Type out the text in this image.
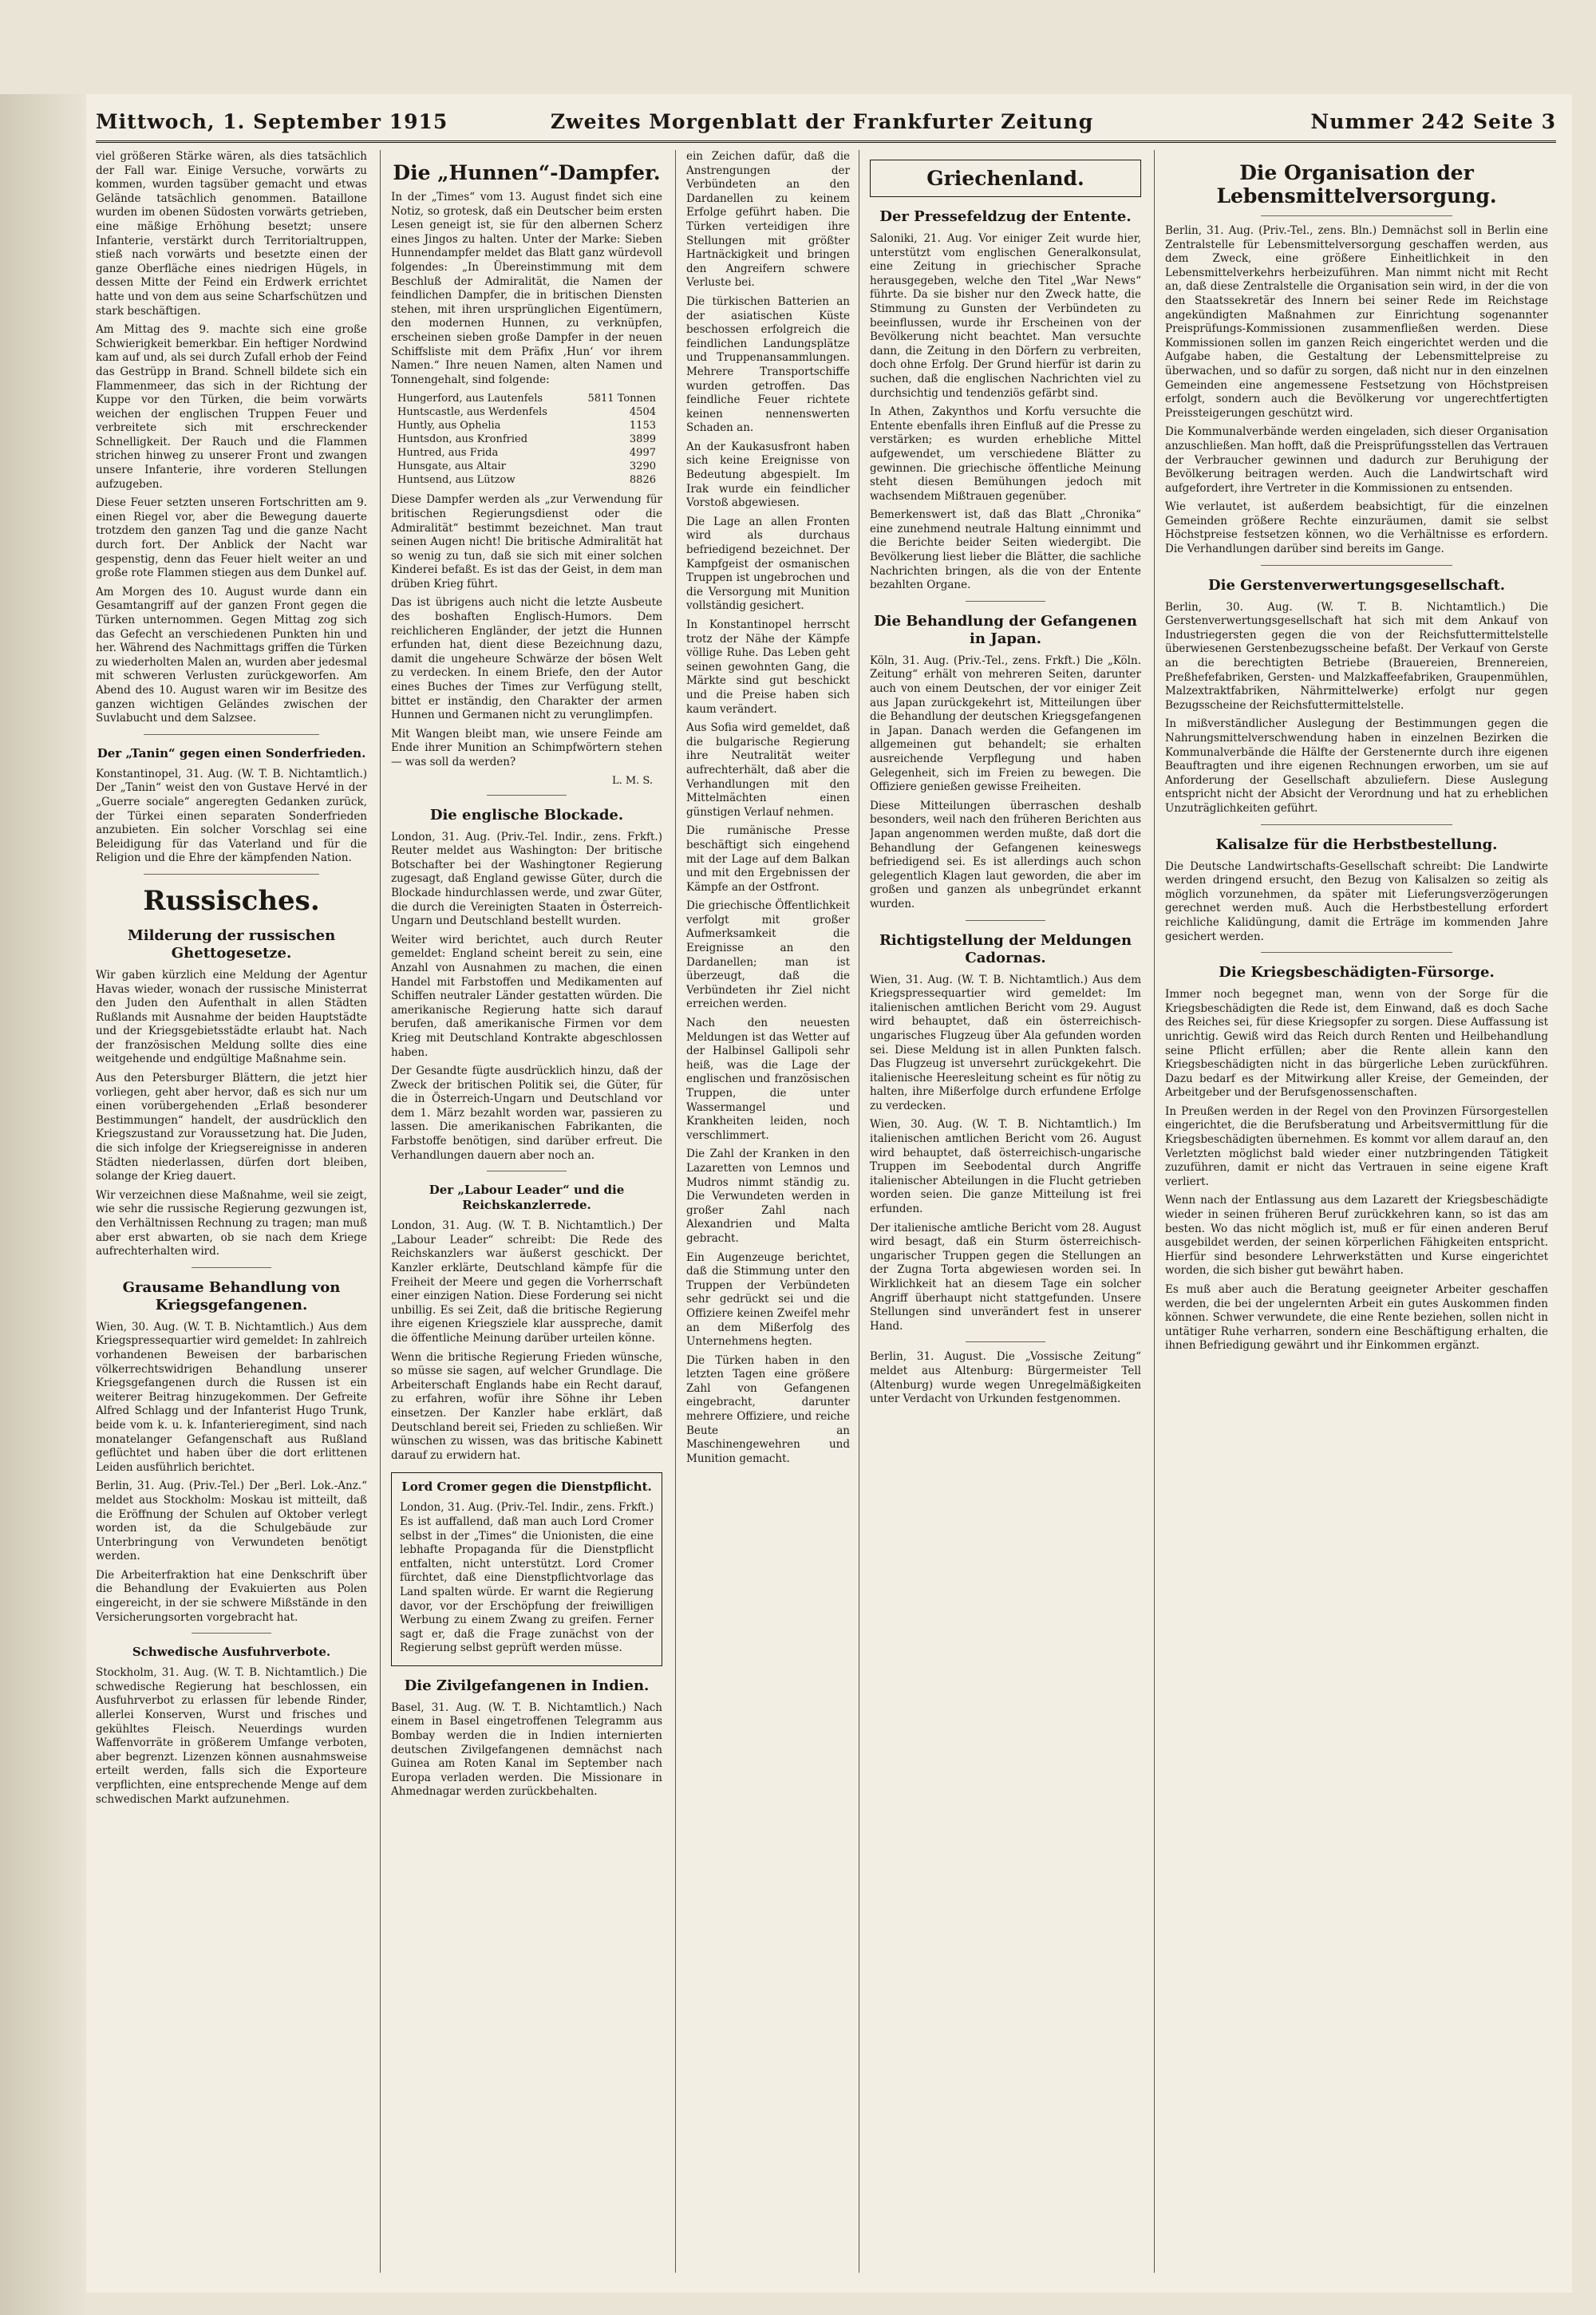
Mittwoch, 1. September 1915	Zweites Morgenblatt der Frankfurter Zeitung	Nummer 242 Seite 3

viel größeren Stärke wären, als dies tatsächlich der Fall war. Einige Versuche, vorwärts zu kommen, wurden tagsüber gemacht und etwas Gelände tatsächlich genommen. Bataillone wurden im obenen Südosten vorwärts getrieben, eine mäßige Erhöhung besetzt; unsere Infanterie, verstärkt durch Territorialtruppen, stieß nach vorwärts und besetzte einen der ganze Oberfläche eines niedrigen Hügels, in dessen Mitte der Feind ein Erdwerk errichtet hatte und von dem aus seine Scharfschützen und stark beschäftigen.

Am Mittag des 9. machte sich eine große Schwierigkeit bemerkbar. Ein heftiger Nordwind kam auf und, als sei durch Zufall erhob der Feind das Gestrüpp in Brand. Schnell bildete sich ein Flammenmeer, das sich in der Richtung der Kuppe vor den Türken, die beim vorwärts weichen der englischen Truppen Feuer und verbreitete sich mit erschreckender Schnelligkeit. Der Rauch und die Flammen strichen hinweg zu unserer Front und zwangen unsere Infanterie, ihre vorderen Stellungen aufzugeben.

Diese Feuer setzten unseren Fortschritten am 9. einen Riegel vor, aber die Bewegung dauerte trotzdem den ganzen Tag und die ganze Nacht durch fort. Der Anblick der Nacht war gespenstig, denn das Feuer hielt weiter an und große rote Flammen stiegen aus dem Dunkel auf.

Am Morgen des 10. August wurde dann ein Gesamtangriff auf der ganzen Front gegen die Türken unternommen. Gegen Mittag zog sich das Gefecht an verschiedenen Punkten hin und her. Während des Nachmittags griffen die Türken zu wiederholten Malen an, wurden aber jedesmal mit schweren Verlusten zurückgeworfen. Am Abend des 10. August waren wir im Besitze des ganzen wichtigen Geländes zwischen der Suvlabucht und dem Salzsee.

Der „Tanin“ gegen einen Sonderfrieden.

Konstantinopel, 31. Aug. (W. T. B. Nichtamtlich.) Der „Tanin“ weist den von Gustave Hervé in der „Guerre sociale“ angeregten Gedanken zurück, der Türkei einen separaten Sonderfrieden anzubieten. Ein solcher Vorschlag sei eine Beleidigung für das Vaterland und für die Religion und die Ehre der kämpfenden Nation.

Russisches.
Milderung der russischen Ghettogesetze.

Wir gaben kürzlich eine Meldung der Agentur Havas wieder, wonach der russische Ministerrat den Juden den Aufenthalt in allen Städten Rußlands mit Ausnahme der beiden Hauptstädte und der Kriegsgebietsstädte erlaubt hat. Nach der französischen Meldung sollte dies eine weitgehende und endgültige Maßnahme sein.

Aus den Petersburger Blättern, die jetzt hier vorliegen, geht aber hervor, daß es sich nur um einen vorübergehenden „Erlaß besonderer Bestimmungen“ handelt, der ausdrücklich den Kriegszustand zur Voraussetzung hat. Die Juden, die sich infolge der Kriegsereignisse in anderen Städten niederlassen, dürfen dort bleiben, solange der Krieg dauert.

Wir verzeichnen diese Maßnahme, weil sie zeigt, wie sehr die russische Regierung gezwungen ist, den Verhältnissen Rechnung zu tragen; man muß aber erst abwarten, ob sie nach dem Kriege aufrechterhalten wird.

Grausame Behandlung von Kriegsgefangenen.

Wien, 30. Aug. (W. T. B. Nichtamtlich.) Aus dem Kriegspressequartier wird gemeldet: In zahlreich vorhandenen Beweisen der barbarischen völkerrechtswidrigen Behandlung unserer Kriegsgefangenen durch die Russen ist ein weiterer Beitrag hinzugekommen. Der Gefreite Alfred Schlagg und der Infanterist Hugo Trunk, beide vom k. u. k. Infanterieregiment, sind nach monatelanger Gefangenschaft aus Rußland geflüchtet und haben über die dort erlittenen Leiden ausführlich berichtet.

Berlin, 31. Aug. (Priv.-Tel.) Der „Berl. Lok.-Anz.“ meldet aus Stockholm: Moskau ist mitteilt, daß die Eröffnung der Schulen auf Oktober verlegt worden ist, da die Schulgebäude zur Unterbringung von Verwundeten benötigt werden.

Die Arbeiterfraktion hat eine Denkschrift über die Behandlung der Evakuierten aus Polen eingereicht, in der sie schwere Mißstände in den Versicherungsorten vorgebracht hat.

Schwedische Ausfuhrverbote.

Stockholm, 31. Aug. (W. T. B. Nichtamtlich.) Die schwedische Regierung hat beschlossen, ein Ausfuhrverbot zu erlassen für lebende Rinder, allerlei Konserven, Wurst und frisches und gekühltes Fleisch. Neuerdings wurden Waffenvorräte in größerem Umfange verboten, aber begrenzt. Lizenzen können ausnahmsweise erteilt werden, falls sich die Exporteure verpflichten, eine entsprechende Menge auf dem schwedischen Markt aufzunehmen.

Die „Hunnen“-Dampfer.

In der „Times“ vom 13. August findet sich eine Notiz, so grotesk, daß ein Deutscher beim ersten Lesen geneigt ist, sie für den albernen Scherz eines Jingos zu halten. Unter der Marke: Sieben Hunnendampfer meldet das Blatt ganz würdevoll folgendes: „In Übereinstimmung mit dem Beschluß der Admiralität, die Namen der feindlichen Dampfer, die in britischen Diensten stehen, mit ihren ursprünglichen Eigentümern, den modernen Hunnen, zu verknüpfen, erscheinen sieben große Dampfer in der neuen Schiffsliste mit dem Präfix ‚Hun‘ vor ihrem Namen.“ Ihre neuen Namen, alten Namen und Tonnengehalt, sind folgende:

Hungerford, aus Lautenfels	5811 Tonnen
Huntscastle, aus Werdenfels	4504
Huntly, aus Ophelia	1153
Huntsdon, aus Kronfried	3899
Huntred, aus Frida	4997
Hunsgate, aus Altair	3290
Huntsend, aus Lützow	8826

Diese Dampfer werden als „zur Verwendung für britischen Regierungsdienst oder die Admiralität“ bestimmt bezeichnet. Man traut seinen Augen nicht! Die britische Admiralität hat so wenig zu tun, daß sie sich mit einer solchen Kinderei befaßt. Es ist das der Geist, in dem man drüben Krieg führt.

Das ist übrigens auch nicht die letzte Ausbeute des boshaften Englisch-Humors. Dem reichlicheren Engländer, der jetzt die Hunnen erfunden hat, dient diese Bezeichnung dazu, damit die ungeheure Schwärze der bösen Welt zu verdecken. In einem Briefe, den der Autor eines Buches der Times zur Verfügung stellt, bittet er inständig, den Charakter der armen Hunnen und Germanen nicht zu verunglimpfen.

Mit Wangen bleibt man, wie unsere Feinde am Ende ihrer Munition an Schimpfwörtern stehen — was soll da werden?

L. M. S.
Die englische Blockade.

London, 31. Aug. (Priv.-Tel. Indir., zens. Frkft.) Reuter meldet aus Washington: Der britische Botschafter bei der Washingtoner Regierung zugesagt, daß England gewisse Güter, durch die Blockade hindurchlassen werde, und zwar Güter, die durch die Vereinigten Staaten in Österreich-Ungarn und Deutschland bestellt wurden.

Weiter wird berichtet, auch durch Reuter gemeldet: England scheint bereit zu sein, eine Anzahl von Ausnahmen zu machen, die einen Handel mit Farbstoffen und Medikamenten auf Schiffen neutraler Länder gestatten würden. Die amerikanische Regierung hatte sich darauf berufen, daß amerikanische Firmen vor dem Krieg mit Deutschland Kontrakte abgeschlossen haben.

Der Gesandte fügte ausdrücklich hinzu, daß der Zweck der britischen Politik sei, die Güter, für die in Österreich-Ungarn und Deutschland vor dem 1. März bezahlt worden war, passieren zu lassen. Die amerikanischen Fabrikanten, die Farbstoffe benötigen, sind darüber erfreut. Die Verhandlungen dauern aber noch an.

Der „Labour Leader“ und die Reichskanzlerrede.

London, 31. Aug. (W. T. B. Nichtamtlich.) Der „Labour Leader“ schreibt: Die Rede des Reichskanzlers war äußerst geschickt. Der Kanzler erklärte, Deutschland kämpfe für die Freiheit der Meere und gegen die Vorherrschaft einer einzigen Nation. Diese Forderung sei nicht unbillig. Es sei Zeit, daß die britische Regierung ihre eigenen Kriegsziele klar ausspreche, damit die öffentliche Meinung darüber urteilen könne.

Wenn die britische Regierung Frieden wünsche, so müsse sie sagen, auf welcher Grundlage. Die Arbeiterschaft Englands habe ein Recht darauf, zu erfahren, wofür ihre Söhne ihr Leben einsetzen. Der Kanzler habe erklärt, daß Deutschland bereit sei, Frieden zu schließen. Wir wünschen zu wissen, was das britische Kabinett darauf zu erwidern hat.

Lord Cromer gegen die Dienstpflicht.

London, 31. Aug. (Priv.-Tel. Indir., zens. Frkft.) Es ist auffallend, daß man auch Lord Cromer selbst in der „Times“ die Unionisten, die eine lebhafte Propaganda für die Dienstpflicht entfalten, nicht unterstützt. Lord Cromer fürchtet, daß eine Dienstpflichtvorlage das Land spalten würde. Er warnt die Regierung davor, vor der Erschöpfung der freiwilligen Werbung zu einem Zwang zu greifen. Ferner sagt er, daß die Frage zunächst von der Regierung selbst geprüft werden müsse.

Die Zivilgefangenen in Indien.

Basel, 31. Aug. (W. T. B. Nichtamtlich.) Nach einem in Basel eingetroffenen Telegramm aus Bombay werden die in Indien internierten deutschen Zivilgefangenen demnächst nach Guinea am Roten Kanal im September nach Europa verladen werden. Die Missionare in Ahmednagar werden zurückbehalten.

ein Zeichen dafür, daß die Anstrengungen der Verbündeten an den Dardanellen zu keinem Erfolge geführt haben. Die Türken verteidigen ihre Stellungen mit größter Hartnäckigkeit und bringen den Angreifern schwere Verluste bei.

Die türkischen Batterien an der asiatischen Küste beschossen erfolgreich die feindlichen Landungsplätze und Truppenansammlungen. Mehrere Transportschiffe wurden getroffen. Das feindliche Feuer richtete keinen nennenswerten Schaden an.

An der Kaukasusfront haben sich keine Ereignisse von Bedeutung abgespielt. Im Irak wurde ein feindlicher Vorstoß abgewiesen.

Die Lage an allen Fronten wird als durchaus befriedigend bezeichnet. Der Kampfgeist der osmanischen Truppen ist ungebrochen und die Versorgung mit Munition vollständig gesichert.

In Konstantinopel herrscht trotz der Nähe der Kämpfe völlige Ruhe. Das Leben geht seinen gewohnten Gang, die Märkte sind gut beschickt und die Preise haben sich kaum verändert.

Aus Sofia wird gemeldet, daß die bulgarische Regierung ihre Neutralität weiter aufrechterhält, daß aber die Verhandlungen mit den Mittelmächten einen günstigen Verlauf nehmen.

Die rumänische Presse beschäftigt sich eingehend mit der Lage auf dem Balkan und mit den Ergebnissen der Kämpfe an der Ostfront.

Die griechische Öffentlichkeit verfolgt mit großer Aufmerksamkeit die Ereignisse an den Dardanellen; man ist überzeugt, daß die Verbündeten ihr Ziel nicht erreichen werden.

Nach den neuesten Meldungen ist das Wetter auf der Halbinsel Gallipoli sehr heiß, was die Lage der englischen und französischen Truppen, die unter Wassermangel und Krankheiten leiden, noch verschlimmert.

Die Zahl der Kranken in den Lazaretten von Lemnos und Mudros nimmt ständig zu. Die Verwundeten werden in großer Zahl nach Alexandrien und Malta gebracht.

Ein Augenzeuge berichtet, daß die Stimmung unter den Truppen der Verbündeten sehr gedrückt sei und die Offiziere keinen Zweifel mehr an dem Mißerfolg des Unternehmens hegten.

Die Türken haben in den letzten Tagen eine größere Zahl von Gefangenen eingebracht, darunter mehrere Offiziere, und reiche Beute an Maschinengewehren und Munition gemacht.

Griechenland.
Der Pressefeldzug der Entente.

Saloniki, 21. Aug. Vor einiger Zeit wurde hier, unterstützt vom englischen Generalkonsulat, eine Zeitung in griechischer Sprache herausgegeben, welche den Titel „War News“ führte. Da sie bisher nur den Zweck hatte, die Stimmung zu Gunsten der Verbündeten zu beeinflussen, wurde ihr Erscheinen von der Bevölkerung nicht beachtet. Man versuchte dann, die Zeitung in den Dörfern zu verbreiten, doch ohne Erfolg. Der Grund hierfür ist darin zu suchen, daß die englischen Nachrichten viel zu durchsichtig und tendenziös gefärbt sind.

In Athen, Zakynthos und Korfu versuchte die Entente ebenfalls ihren Einfluß auf die Presse zu verstärken; es wurden erhebliche Mittel aufgewendet, um verschiedene Blätter zu gewinnen. Die griechische öffentliche Meinung steht diesen Bemühungen jedoch mit wachsendem Mißtrauen gegenüber.

Bemerkenswert ist, daß das Blatt „Chronika“ eine zunehmend neutrale Haltung einnimmt und die Berichte beider Seiten wiedergibt. Die Bevölkerung liest lieber die Blätter, die sachliche Nachrichten bringen, als die von der Entente bezahlten Organe.

Die Behandlung der Gefangenen in Japan.

Köln, 31. Aug. (Priv.-Tel., zens. Frkft.) Die „Köln. Zeitung“ erhält von mehreren Seiten, darunter auch von einem Deutschen, der vor einiger Zeit aus Japan zurückgekehrt ist, Mitteilungen über die Behandlung der deutschen Kriegsgefangenen in Japan. Danach werden die Gefangenen im allgemeinen gut behandelt; sie erhalten ausreichende Verpflegung und haben Gelegenheit, sich im Freien zu bewegen. Die Offiziere genießen gewisse Freiheiten.

Diese Mitteilungen überraschen deshalb besonders, weil nach den früheren Berichten aus Japan angenommen werden mußte, daß dort die Behandlung der Gefangenen keineswegs befriedigend sei. Es ist allerdings auch schon gelegentlich Klagen laut geworden, die aber im großen und ganzen als unbegründet erkannt wurden.

Richtigstellung der Meldungen Cadornas.

Wien, 31. Aug. (W. T. B. Nichtamtlich.) Aus dem Kriegspressequartier wird gemeldet: Im italienischen amtlichen Bericht vom 29. August wird behauptet, daß ein österreichisch-ungarisches Flugzeug über Ala gefunden worden sei. Diese Meldung ist in allen Punkten falsch. Das Flugzeug ist unversehrt zurückgekehrt. Die italienische Heeresleitung scheint es für nötig zu halten, ihre Mißerfolge durch erfundene Erfolge zu verdecken.

Wien, 30. Aug. (W. T. B. Nichtamtlich.) Im italienischen amtlichen Bericht vom 26. August wird behauptet, daß österreichisch-ungarische Truppen im Seebodental durch Angriffe italienischer Abteilungen in die Flucht getrieben worden seien. Die ganze Mitteilung ist frei erfunden.

Der italienische amtliche Bericht vom 28. August wird besagt, daß ein Sturm österreichisch-ungarischer Truppen gegen die Stellungen an der Zugna Torta abgewiesen worden sei. In Wirklichkeit hat an diesem Tage ein solcher Angriff überhaupt nicht stattgefunden. Unsere Stellungen sind unverändert fest in unserer Hand.

Berlin, 31. August. Die „Vossische Zeitung“ meldet aus Altenburg: Bürgermeister Tell (Altenburg) wurde wegen Unregelmäßigkeiten unter Verdacht von Urkunden festgenommen.

Die Organisation der Lebensmittelversorgung.

Berlin, 31. Aug. (Priv.-Tel., zens. Bln.) Demnächst soll in Berlin eine Zentralstelle für Lebensmittelversorgung geschaffen werden, aus dem Zweck, eine größere Einheitlichkeit in den Lebensmittelverkehrs herbeizuführen. Man nimmt nicht mit Recht an, daß diese Zentralstelle die Organisation sein wird, in der die von den Staatssekretär des Innern bei seiner Rede im Reichstage angekündigten Maßnahmen zur Einrichtung sogenannter Preisprüfungs-Kommissionen zusammenfließen werden. Diese Kommissionen sollen im ganzen Reich eingerichtet werden und die Aufgabe haben, die Gestaltung der Lebensmittelpreise zu überwachen, und so dafür zu sorgen, daß nicht nur in den einzelnen Gemeinden eine angemessene Festsetzung von Höchstpreisen erfolgt, sondern auch die Bevölkerung vor ungerechtfertigten Preissteigerungen geschützt wird.

Die Kommunalverbände werden eingeladen, sich dieser Organisation anzuschließen. Man hofft, daß die Preisprüfungsstellen das Vertrauen der Verbraucher gewinnen und dadurch zur Beruhigung der Bevölkerung beitragen werden. Auch die Landwirtschaft wird aufgefordert, ihre Vertreter in die Kommissionen zu entsenden.

Wie verlautet, ist außerdem beabsichtigt, für die einzelnen Gemeinden größere Rechte einzuräumen, damit sie selbst Höchstpreise festsetzen können, wo die Verhältnisse es erfordern. Die Verhandlungen darüber sind bereits im Gange.

Die Gerstenverwertungsgesellschaft.

Berlin, 30. Aug. (W. T. B. Nichtamtlich.) Die Gerstenverwertungsgesellschaft hat sich mit dem Ankauf von Industriegersten gegen die von der Reichsfuttermittelstelle überwiesenen Gerstenbezugsscheine befaßt. Der Verkauf von Gerste an die berechtigten Betriebe (Brauereien, Brennereien, Preßhefefabriken, Gersten- und Malzkaffeefabriken, Graupenmühlen, Malzextraktfabriken, Nährmittelwerke) erfolgt nur gegen Bezugsscheine der Reichsfuttermittelstelle.

In mißverständlicher Auslegung der Bestimmungen gegen die Nahrungsmittelverschwendung haben in einzelnen Bezirken die Kommunalverbände die Hälfte der Gerstenernte durch ihre eigenen Beauftragten und ihre eigenen Rechnungen erworben, um sie auf Anforderung der Gesellschaft abzuliefern. Diese Auslegung entspricht nicht der Absicht der Verordnung und hat zu erheblichen Unzuträglichkeiten geführt.

Kalisalze für die Herbstbestellung.

Die Deutsche Landwirtschafts-Gesellschaft schreibt: Die Landwirte werden dringend ersucht, den Bezug von Kalisalzen so zeitig als möglich vorzunehmen, da später mit Lieferungsverzögerungen gerechnet werden muß. Auch die Herbstbestellung erfordert reichliche Kalidüngung, damit die Erträge im kommenden Jahre gesichert werden.

Die Kriegsbeschädigten-Fürsorge.

Immer noch begegnet man, wenn von der Sorge für die Kriegsbeschädigten die Rede ist, dem Einwand, daß es doch Sache des Reiches sei, für diese Kriegsopfer zu sorgen. Diese Auffassung ist unrichtig. Gewiß wird das Reich durch Renten und Heilbehandlung seine Pflicht erfüllen; aber die Rente allein kann den Kriegsbeschädigten nicht in das bürgerliche Leben zurückführen. Dazu bedarf es der Mitwirkung aller Kreise, der Gemeinden, der Arbeitgeber und der Berufsgenossenschaften.

In Preußen werden in der Regel von den Provinzen Fürsorgestellen eingerichtet, die die Berufsberatung und Arbeitsvermittlung für die Kriegsbeschädigten übernehmen. Es kommt vor allem darauf an, den Verletzten möglichst bald wieder einer nutzbringenden Tätigkeit zuzuführen, damit er nicht das Vertrauen in seine eigene Kraft verliert.

Wenn nach der Entlassung aus dem Lazarett der Kriegsbeschädigte wieder in seinen früheren Beruf zurückkehren kann, so ist das am besten. Wo das nicht möglich ist, muß er für einen anderen Beruf ausgebildet werden, der seinen körperlichen Fähigkeiten entspricht. Hierfür sind besondere Lehrwerkstätten und Kurse eingerichtet worden, die sich bisher gut bewährt haben.

Es muß aber auch die Beratung geeigneter Arbeiter geschaffen werden, die bei der ungelernten Arbeit ein gutes Auskommen finden können. Schwer verwundete, die eine Rente beziehen, sollen nicht in untätiger Ruhe verharren, sondern eine Beschäftigung erhalten, die ihnen Befriedigung gewährt und ihr Einkommen ergänzt.
